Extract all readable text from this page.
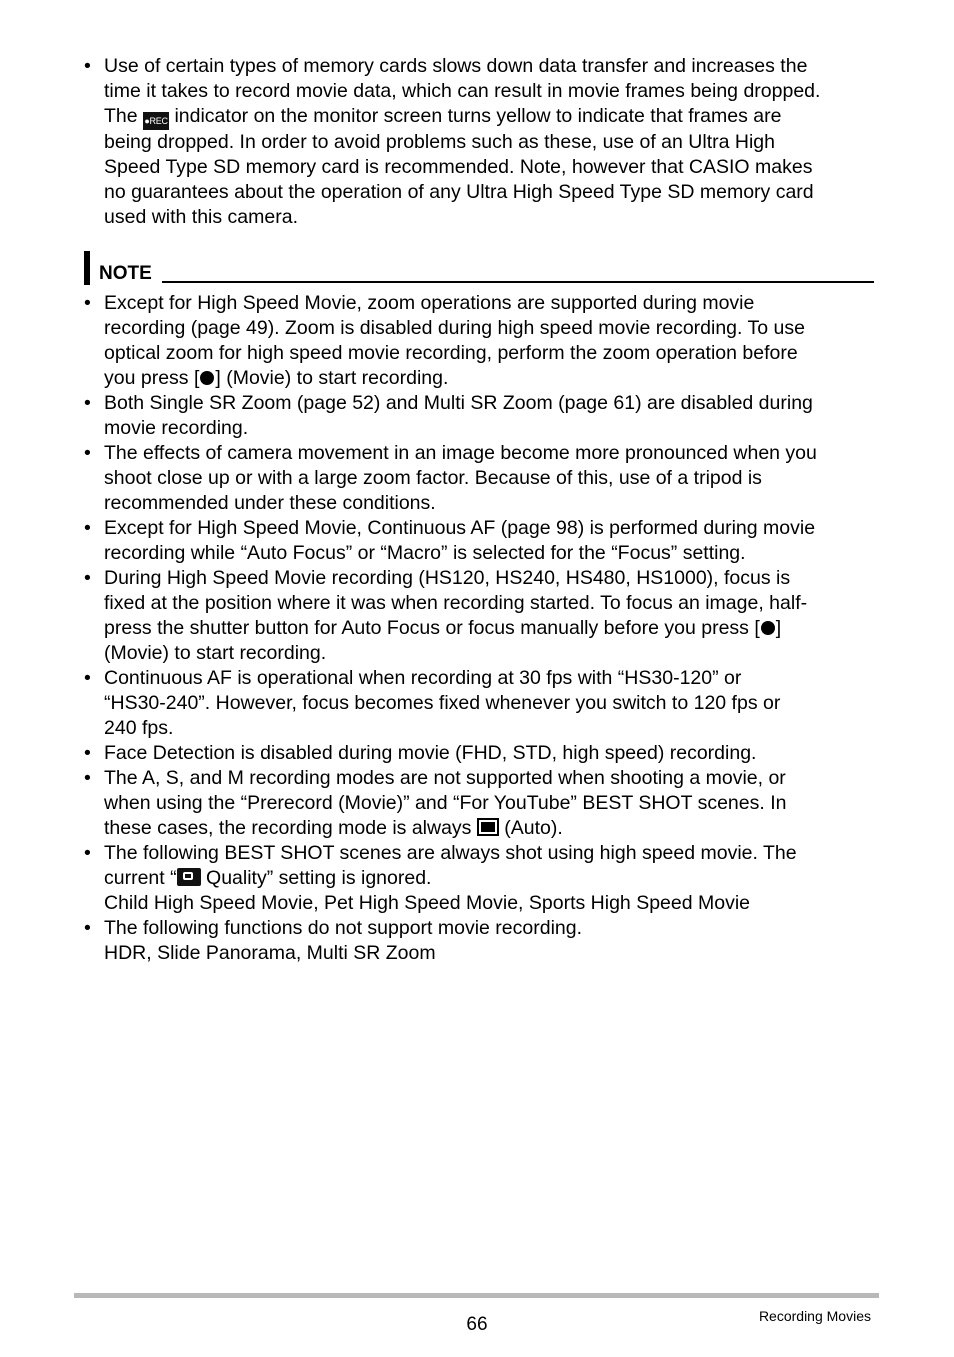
• Use of certain types of memory cards slows down data transfer and increases the
time it takes to record movie data, which can result in movie frames being dropped.
The ●REC indicator on the monitor screen turns yellow to indicate that frames are
being dropped. In order to avoid problems such as these, use of an Ultra High
Speed Type SD memory card is recommended. Note, however that CASIO makes
no guarantees about the operation of any Ultra High Speed Type SD memory card
used with this camera.
NOTE
• Except for High Speed Movie, zoom operations are supported during movie
recording (page 49). Zoom is disabled during high speed movie recording. To use
optical zoom for high speed movie recording, perform the zoom operation before
you press [ ] (Movie) to start recording.
• Both Single SR Zoom (page 52) and Multi SR Zoom (page 61) are disabled during
movie recording.
• The effects of camera movement in an image become more pronounced when you
shoot close up or with a large zoom factor. Because of this, use of a tripod is
recommended under these conditions.
• Except for High Speed Movie, Continuous AF (page 98) is performed during movie
recording while “Auto Focus” or “Macro” is selected for the “Focus” setting.
• During High Speed Movie recording (HS120, HS240, HS480, HS1000), focus is
fixed at the position where it was when recording started. To focus an image, half-
press the shutter button for Auto Focus or focus manually before you press [ ]
(Movie) to start recording.
• Continuous AF is operational when recording at 30 fps with “HS30-120” or
“HS30-240”. However, focus becomes fixed whenever you switch to 120 fps or
240 fps.
• Face Detection is disabled during movie (FHD, STD, high speed) recording.
• The A, S, and M recording modes are not supported when shooting a movie, or
when using the “Prerecord (Movie)” and “For YouTube” BEST SHOT scenes. In
these cases, the recording mode is always  (Auto).
• The following BEST SHOT scenes are always shot using high speed movie. The
current “ Quality” setting is ignored.
Child High Speed Movie, Pet High Speed Movie, Sports High Speed Movie
• The following functions do not support movie recording.
HDR, Slide Panorama, Multi SR Zoom
66	Recording Movies
